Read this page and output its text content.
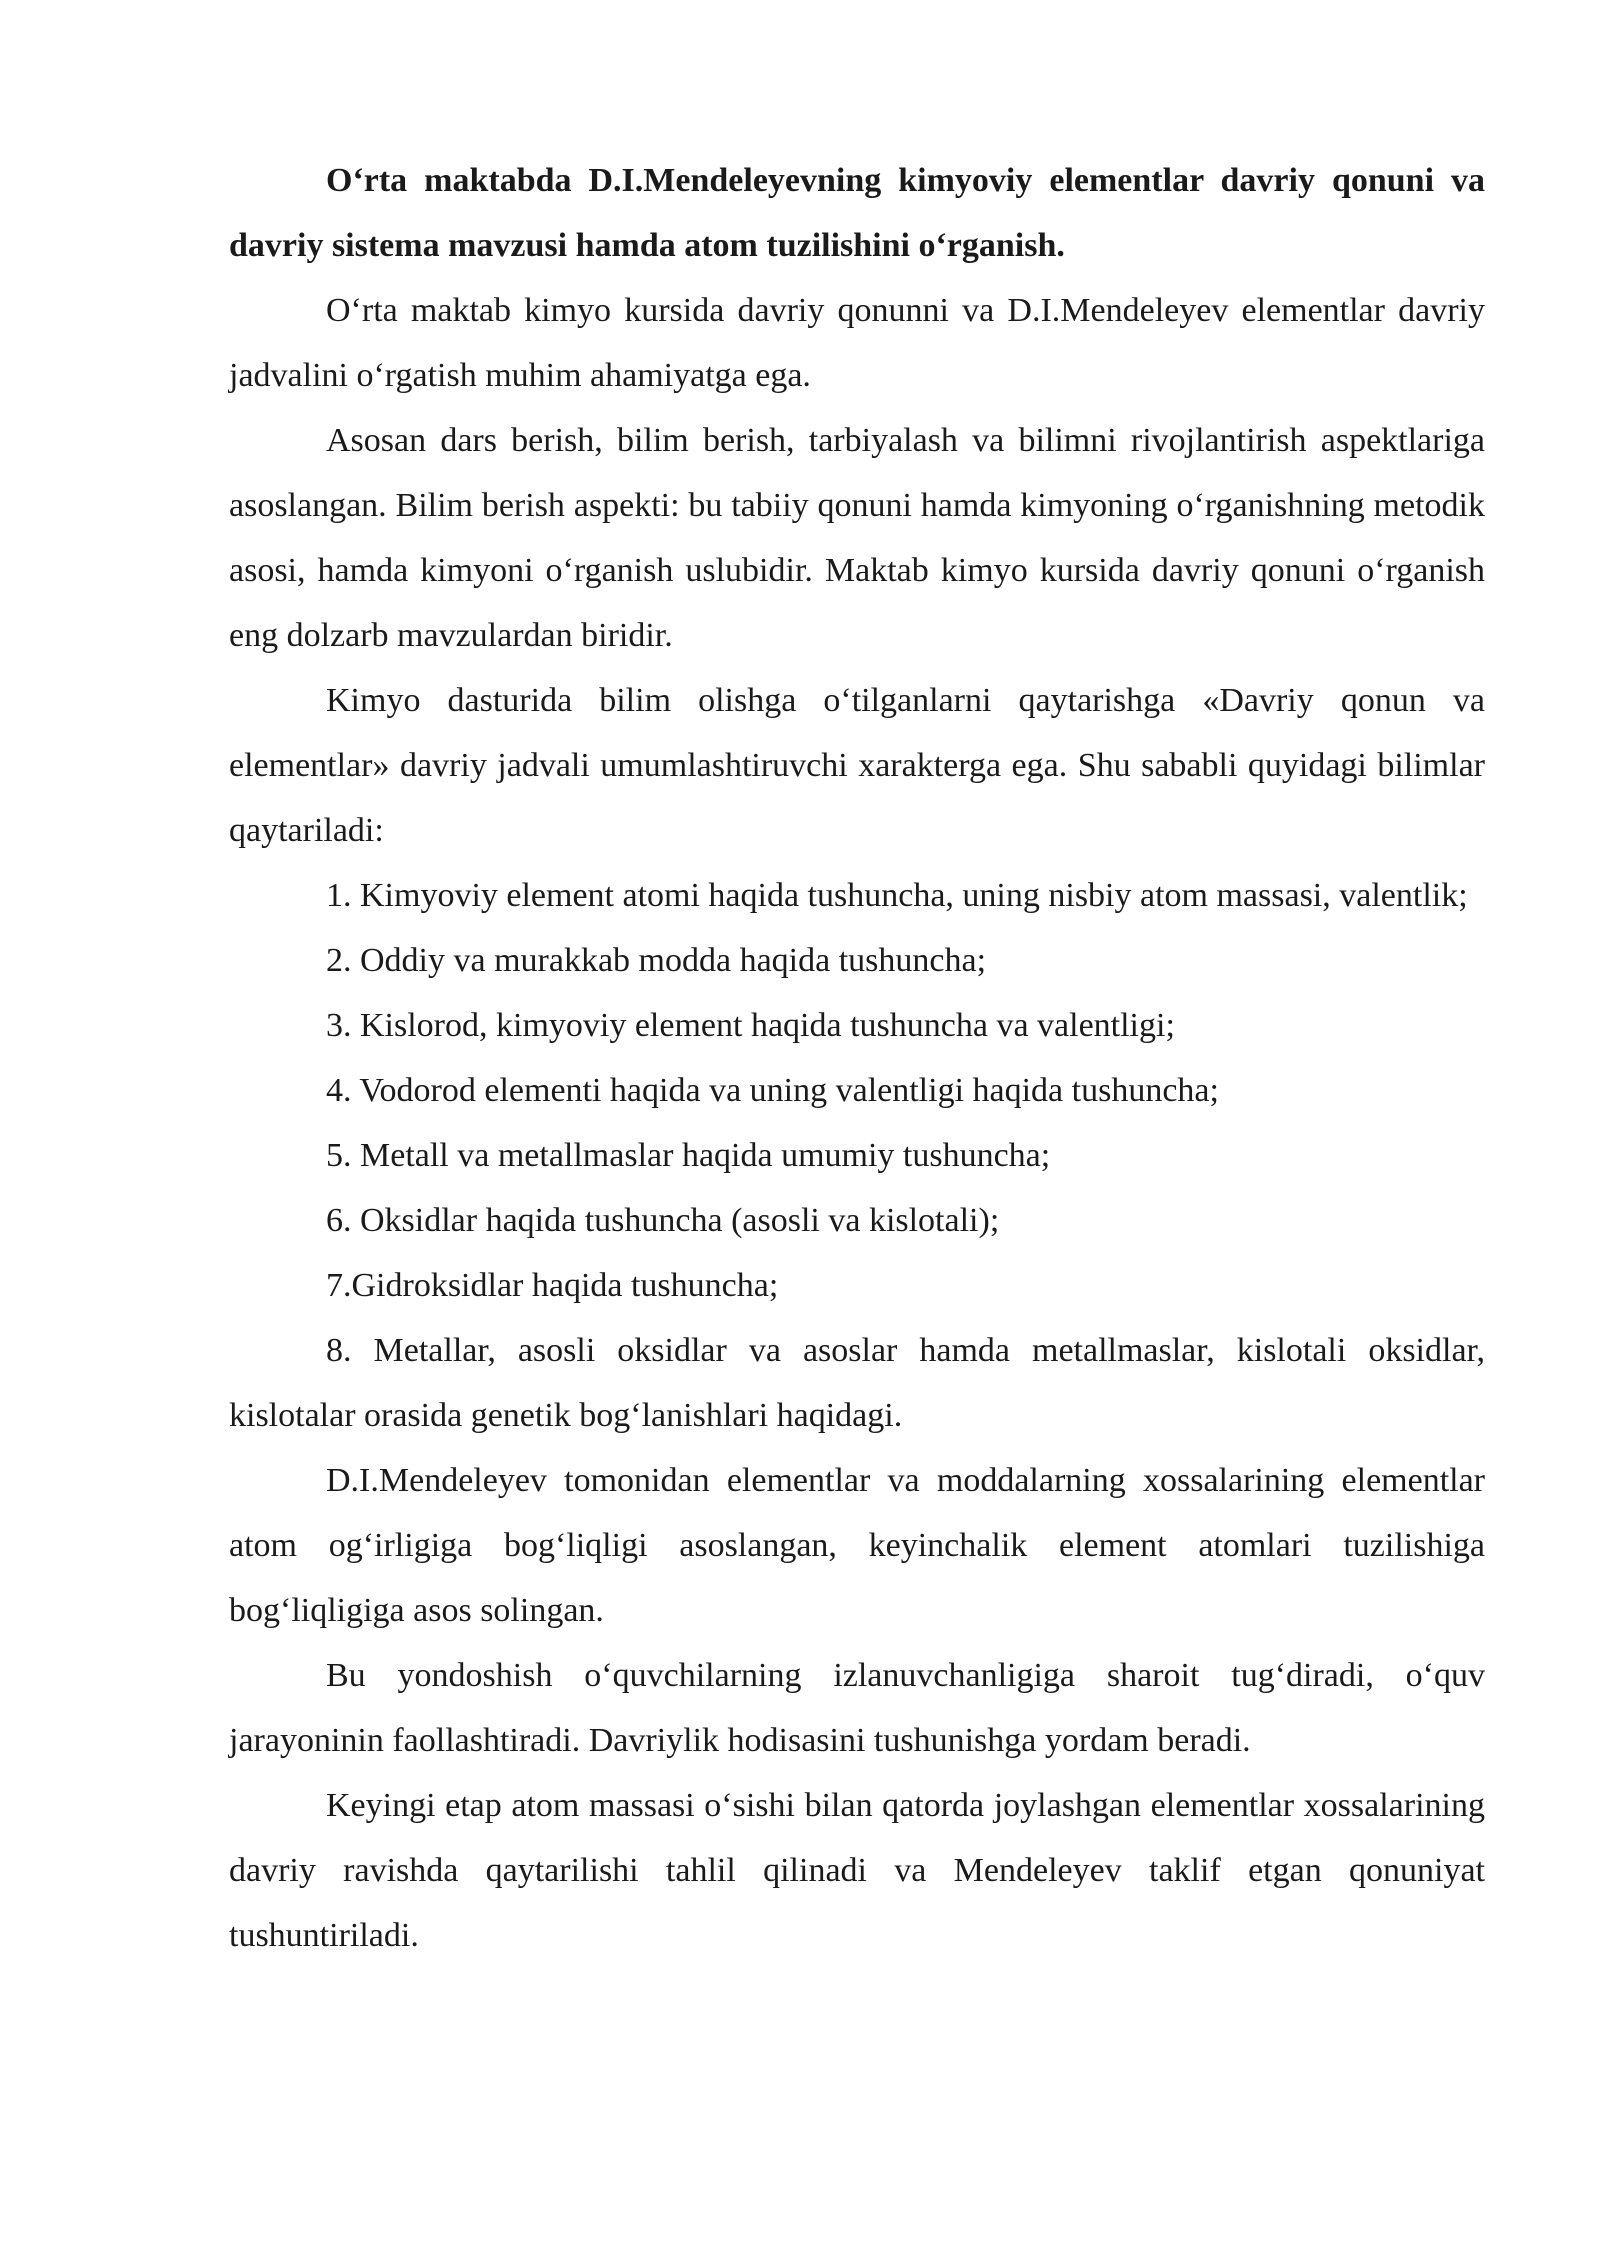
O‘rta maktabda D.I.Mendeleyevning kimyoviy elementlar davriy qonuni va davriy sistema mavzusi hamda atom tuzilishini o‘rganish.

O‘rta maktab kimyo kursida davriy qonunni va D.I.Mendeleyev elementlar davriy jadvalini o‘rgatish muhim ahamiyatga ega.

Asosan dars berish, bilim berish, tarbiyalash va bilimni rivojlantirish aspektlariga asoslangan. Bilim berish aspekti: bu tabiiy qonuni hamda kimyoning o‘rganishning metodik asosi, hamda kimyoni o‘rganish uslubidir. Maktab kimyo kursida davriy qonuni o‘rganish eng dolzarb mavzulardan biridir.

Kimyo dasturida bilim olishga o‘tilganlarni qaytarishga «Davriy qonun va elementlar» davriy jadvali umumlashtiruvchi xarakterga ega. Shu sababli quyidagi bilimlar qaytariladi:

1. Kimyoviy element atomi haqida tushuncha, uning nisbiy atom massasi, valentlik;

2. Oddiy va murakkab modda haqida tushuncha;

3. Kislorod, kimyoviy element haqida tushuncha va valentligi;

4. Vodorod elementi haqida va uning valentligi haqida tushuncha;

5. Metall va metallmaslar haqida umumiy tushuncha;

6. Oksidlar haqida tushuncha (asosli va kislotali);

7.Gidroksidlar haqida tushuncha;

8. Metallar, asosli oksidlar va asoslar hamda metallmaslar, kislotali oksidlar, kislotalar orasida genetik bog‘lanishlari haqidagi.

D.I.Mendeleyev tomonidan elementlar va moddalarning xossalarining elementlar atom og‘irligiga bog‘liqligi asoslangan, keyinchalik element atomlari tuzilishiga bog‘liqligiga asos solingan.

Bu yondoshish o‘quvchilarning izlanuvchanligiga sharoit tug‘diradi, o‘quv jarayoninin faollashtiradi. Davriylik hodisasini tushunishga yordam beradi.

Keyingi etap atom massasi o‘sishi bilan qatorda joylashgan elementlar xossalarining davriy ravishda qaytarilishi tahlil qilinadi va Mendeleyev taklif etgan qonuniyat tushuntiriladi.
